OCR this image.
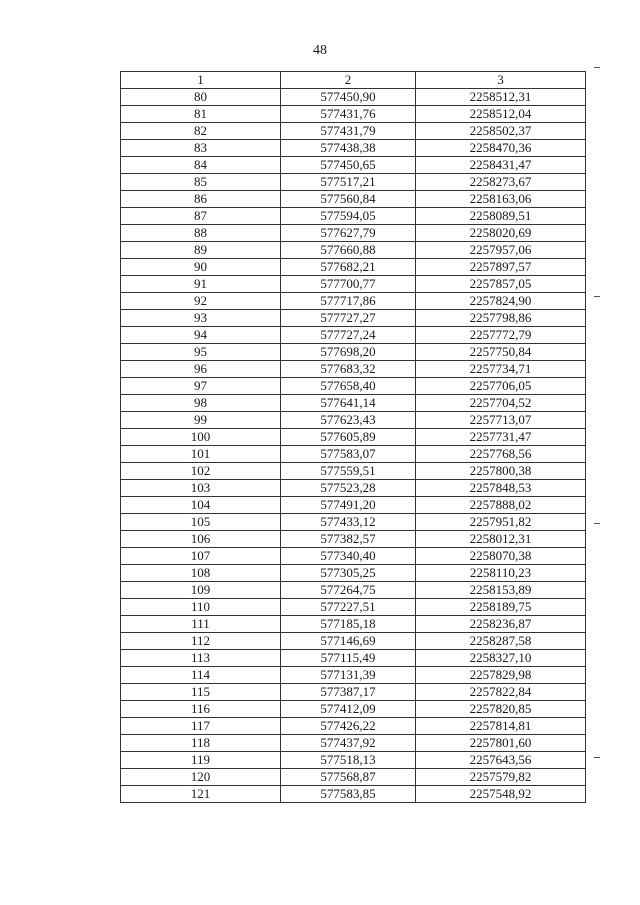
48
1	2	3
80	577450,90	2258512,31
81	577431,76	2258512,04
82	577431,79	2258502,37
83	577438,38	2258470,36
84	577450,65	2258431,47
85	577517,21	2258273,67
86	577560,84	2258163,06
87	577594,05	2258089,51
88	577627,79	2258020,69
89	577660,88	2257957,06
90	577682,21	2257897,57
91	577700,77	2257857,05
92	577717,86	2257824,90
93	577727,27	2257798,86
94	577727,24	2257772,79
95	577698,20	2257750,84
96	577683,32	2257734,71
97	577658,40	2257706,05
98	577641,14	2257704,52
99	577623,43	2257713,07
100	577605,89	2257731,47
101	577583,07	2257768,56
102	577559,51	2257800,38
103	577523,28	2257848,53
104	577491,20	2257888,02
105	577433,12	2257951,82
106	577382,57	2258012,31
107	577340,40	2258070,38
108	577305,25	2258110,23
109	577264,75	2258153,89
110	577227,51	2258189,75
111	577185,18	2258236,87
112	577146,69	2258287,58
113	577115,49	2258327,10
114	577131,39	2257829,98
115	577387,17	2257822,84
116	577412,09	2257820,85
117	577426,22	2257814,81
118	577437,92	2257801,60
119	577518,13	2257643,56
120	577568,87	2257579,82
121	577583,85	2257548,92
